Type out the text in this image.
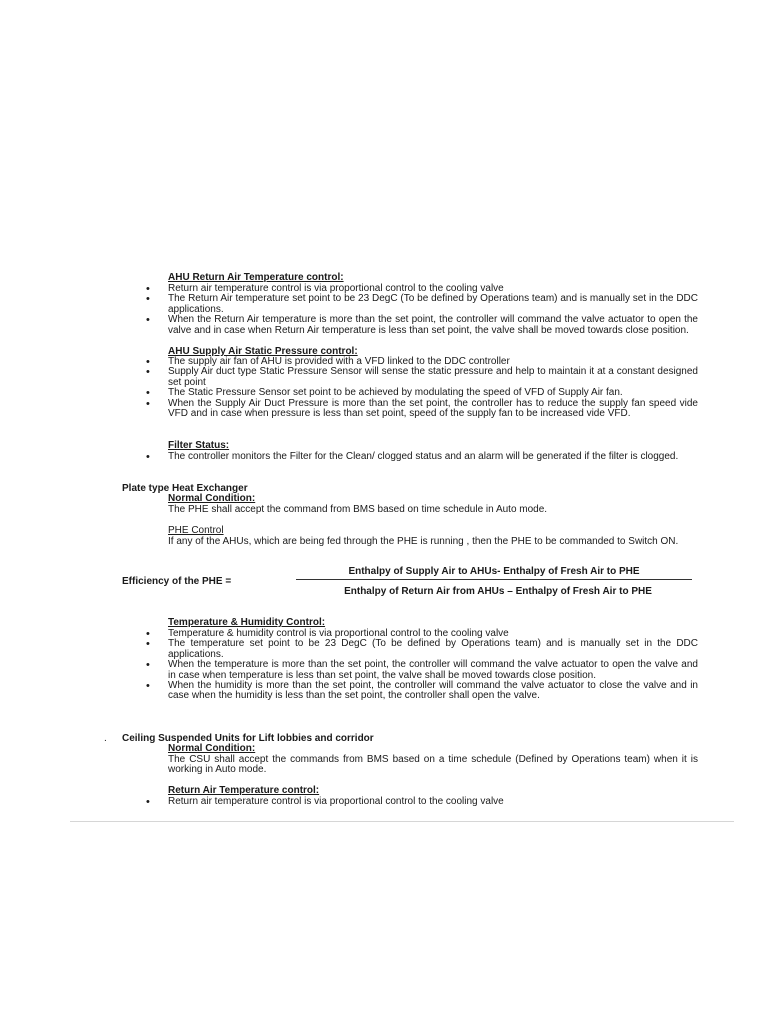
AHU Return Air Temperature control:
• Return air temperature control is via proportional control to the cooling valve
• The Return Air temperature set point to be 23 DegC (To be defined by Operations team) and is manually set in the DDC applications.
• When the Return Air temperature is more than the set point, the controller will command the valve actuator to open the valve and in case when Return Air temperature is less than set point, the valve shall be moved towards close position.
AHU Supply Air Static Pressure control:
• The supply air fan of AHU is provided with a VFD linked to the DDC controller
• Supply Air duct type Static Pressure Sensor will sense the static pressure and help to maintain it at a constant designed set point
• The Static Pressure Sensor set point to be achieved by modulating the speed of VFD of Supply Air fan.
• When the Supply Air Duct Pressure is more than the set point, the controller has to reduce the supply fan speed vide VFD and in case when pressure is less than set point, speed of the supply fan to be increased vide VFD.
Filter Status:
• The controller monitors the Filter for the Clean/ clogged status and an alarm will be generated if the filter is clogged.
Plate type Heat Exchanger
Normal Condition:

The PHE shall accept the command from BMS based on time schedule in Auto mode.

PHE Control

If any of the AHUs, which are being fed through the PHE is running , then the PHE to be commanded to Switch ON.

Efficiency of the PHE =
Enthalpy of Supply Air to AHUs- Enthalpy of Fresh Air to PHE
Enthalpy of Return Air from AHUs – Enthalpy of Fresh Air to PHE
Temperature & Humidity Control:
• Temperature & humidity control is via proportional control to the cooling valve
• The temperature set point to be 23 DegC (To be defined by Operations team) and is manually set in the DDC applications.
• When the temperature is more than the set point, the controller will command the valve actuator to open the valve and in case when temperature is less than set point, the valve shall be moved towards close position.
• When the humidity is more than the set point, the controller will command the valve actuator to close the valve and in case when the humidity is less than the set point, the controller shall open the valve.
. Ceiling Suspended Units for Lift lobbies and corridor
Normal Condition:

The CSU shall accept the commands from BMS based on a time schedule (Defined by Operations team) when it is working in Auto mode.

Return Air Temperature control:
• Return air temperature control is via proportional control to the cooling valve
